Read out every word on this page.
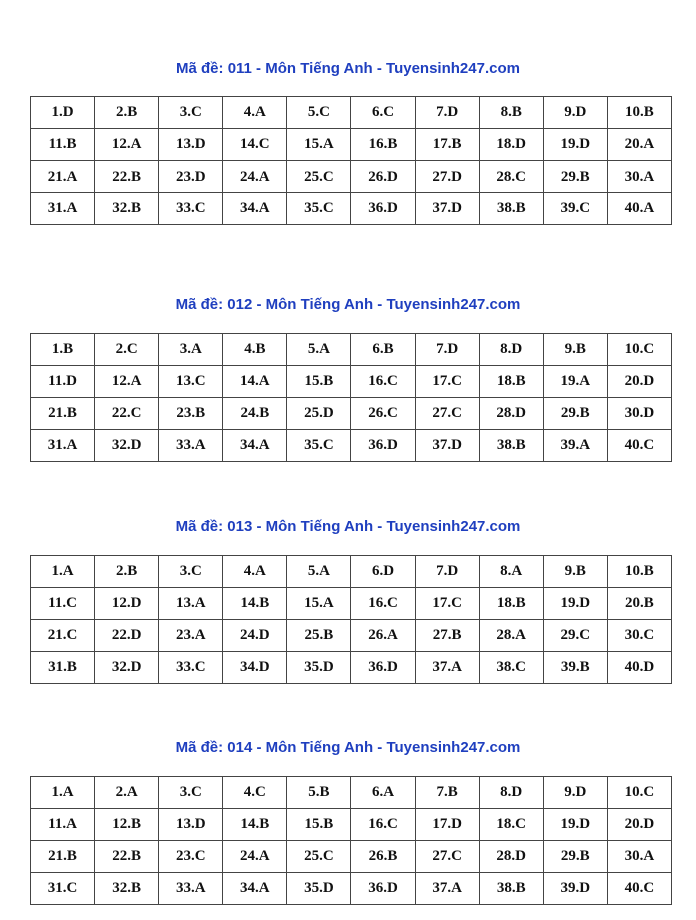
Mã đề: 011 - Môn Tiếng Anh - Tuyensinh247.com
1.D	2.B	3.C	4.A	5.C	6.C	7.D	8.B	9.D	10.B
11.B	12.A	13.D	14.C	15.A	16.B	17.B	18.D	19.D	20.A
21.A	22.B	23.D	24.A	25.C	26.D	27.D	28.C	29.B	30.A
31.A	32.B	33.C	34.A	35.C	36.D	37.D	38.B	39.C	40.A
Mã đề: 012 - Môn Tiếng Anh - Tuyensinh247.com
1.B	2.C	3.A	4.B	5.A	6.B	7.D	8.D	9.B	10.C
11.D	12.A	13.C	14.A	15.B	16.C	17.C	18.B	19.A	20.D
21.B	22.C	23.B	24.B	25.D	26.C	27.C	28.D	29.B	30.D
31.A	32.D	33.A	34.A	35.C	36.D	37.D	38.B	39.A	40.C
Mã đề: 013 - Môn Tiếng Anh - Tuyensinh247.com
1.A	2.B	3.C	4.A	5.A	6.D	7.D	8.A	9.B	10.B
11.C	12.D	13.A	14.B	15.A	16.C	17.C	18.B	19.D	20.B
21.C	22.D	23.A	24.D	25.B	26.A	27.B	28.A	29.C	30.C
31.B	32.D	33.C	34.D	35.D	36.D	37.A	38.C	39.B	40.D
Mã đề: 014 - Môn Tiếng Anh - Tuyensinh247.com
1.A	2.A	3.C	4.C	5.B	6.A	7.B	8.D	9.D	10.C
11.A	12.B	13.D	14.B	15.B	16.C	17.D	18.C	19.D	20.D
21.B	22.B	23.C	24.A	25.C	26.B	27.C	28.D	29.B	30.A
31.C	32.B	33.A	34.A	35.D	36.D	37.A	38.B	39.D	40.C
